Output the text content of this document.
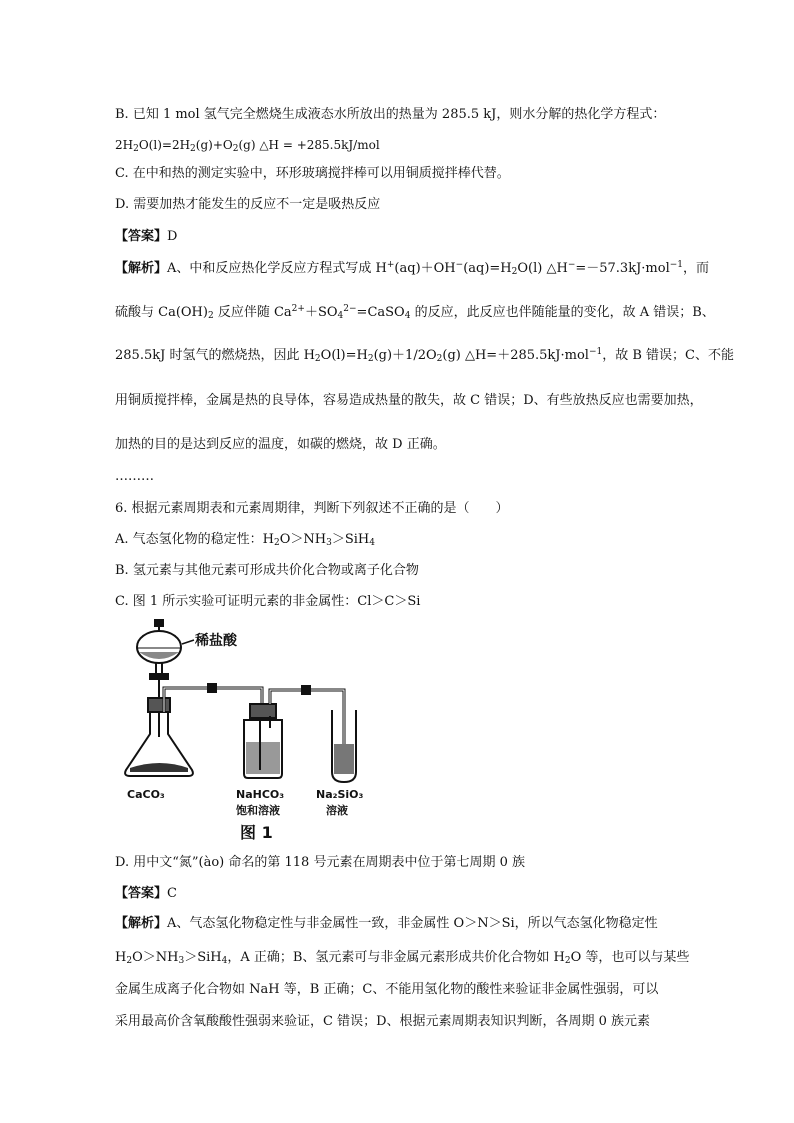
B. 已知 1 mol 氢气完全燃烧生成液态水所放出的热量为 285.5 kJ，则水分解的热化学方程式：
$2H_2O(l)=2H_2(g)+O_2(g)$ △H = +285.5kJ/mol
C. 在中和热的测定实验中，环形玻璃搅拌棒可以用铜质搅拌棒代替。
D. 需要加热才能发生的反应不一定是吸热反应
【答案】D
【解析】A、中和反应热化学反应方程式写成 $H^+(aq)+OH^-(aq)=H_2O(l)$ △H−=－57.3kJ·mol$^{-1}$，而
硫酸与 $Ca(OH)_2$ 反应伴随 $Ca^{2+}+SO_4^{2-}=CaSO_4$ 的反应，此反应也伴随能量的变化，故 A 错误；B、
285.5kJ 时氢气的燃烧热，因此 $H_2O(l)=H_2(g)+1/2O_2(g)$ △H=＋285.5kJ·mol$^{-1}$，故 B 错误；C、不能
用铜质搅拌棒，金属是热的良导体，容易造成热量的散失，故 C 错误；D、有些放热反应也需要加热，
加热的目的是达到反应的温度，如碳的燃烧，故 D 正确。
………
6. 根据元素周期表和元素周期律，判断下列叙述不正确的是（　　）
A. 气态氢化物的稳定性：$H_2O>NH_3>SiH_4$
B. 氢元素与其他元素可形成共价化合物或离子化合物
C. 图 1 所示实验可证明元素的非金属性：Cl＞C＞Si
稀盐酸
CaCO₃	NaHCO₃
饱和溶液
Na₂SiO₃
溶液
图 1
D. 用中文“氮”(ào) 命名的第 118 号元素在周期表中位于第七周期 0 族
【答案】C
【解析】A、气态氢化物稳定性与非金属性一致，非金属性 O＞N＞Si，所以气态氢化物稳定性
$H_2O>NH_3>SiH_4$，A 正确；B、氢元素可与非金属元素形成共价化合物如 $H_2O$ 等，也可以与某些
金属生成离子化合物如 NaH 等，B 正确；C、不能用氢化物的酸性来验证非金属性强弱，可以
采用最高价含氧酸酸性强弱来验证，C 错误；D、根据元素周期表知识判断，各周期 0 族元素
